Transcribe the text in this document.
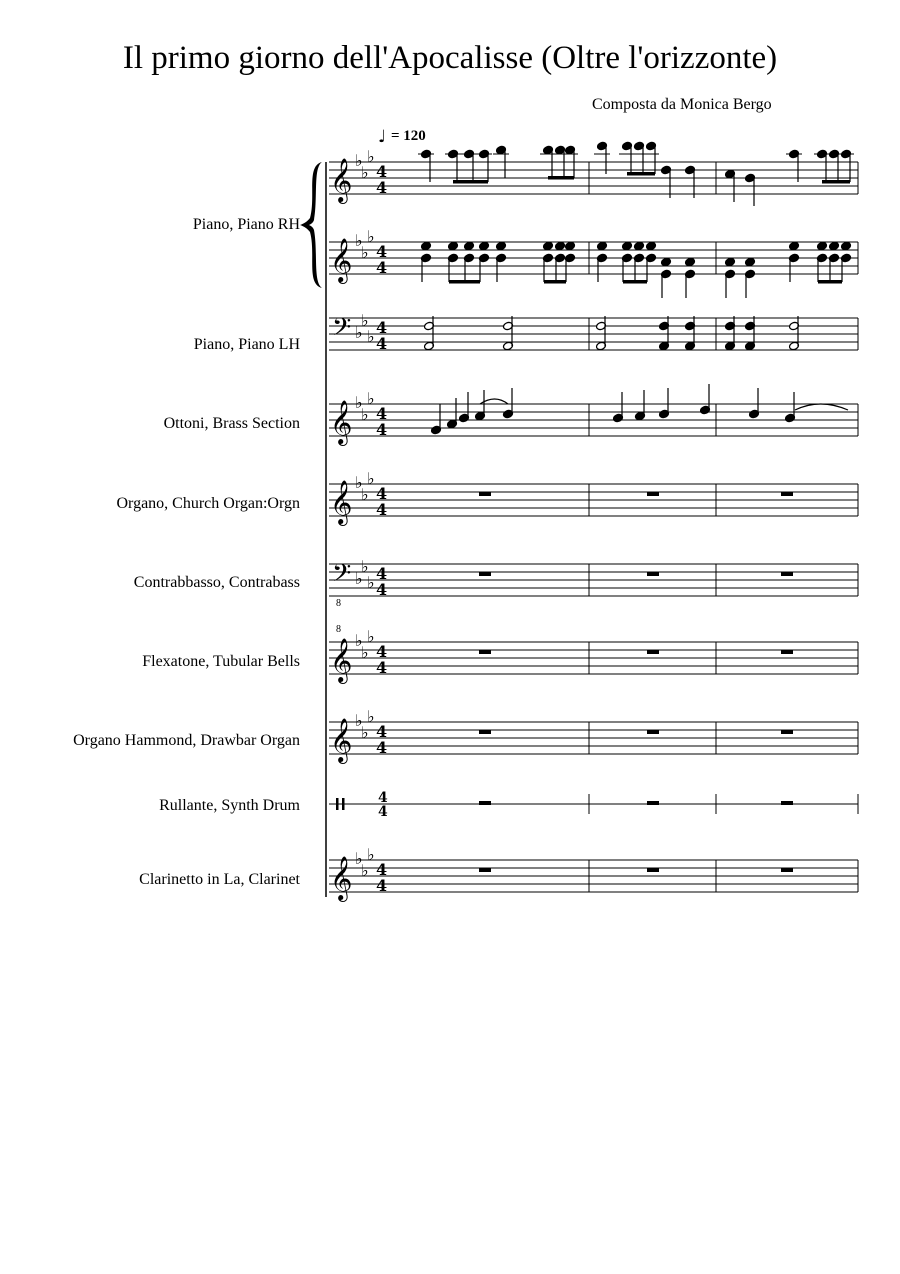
Il primo giorno dell'Apocalisse (Oltre l'orizzonte)
Composta da Monica Bergo
Piano, Piano RH
Piano, Piano LH
Ottoni, Brass Section
Organo, Church Organ:Orgn
Contrabbasso, Contrabass
Flexatone, Tubular Bells
Organo Hammond, Drawbar Organ
Rullante, Synth Drum
Clarinetto in La, Clarinet
♩ = 120
𝄞 ♭
♭
♭
4
4
𝄞 ♭
♭
♭
4
4
𝄢 ♭
♭
♭ 4
4
𝄞 ♭
♭
♭
4
4
𝄞 ♭
♭
♭
4
4
𝄢 ♭
♭
♭
8
4
4
𝄞 ♭
♭
♭
8
4
4
𝄞 ♭
♭
♭
4
4
4
4
𝄞 ♭
♭
♭
4
4
